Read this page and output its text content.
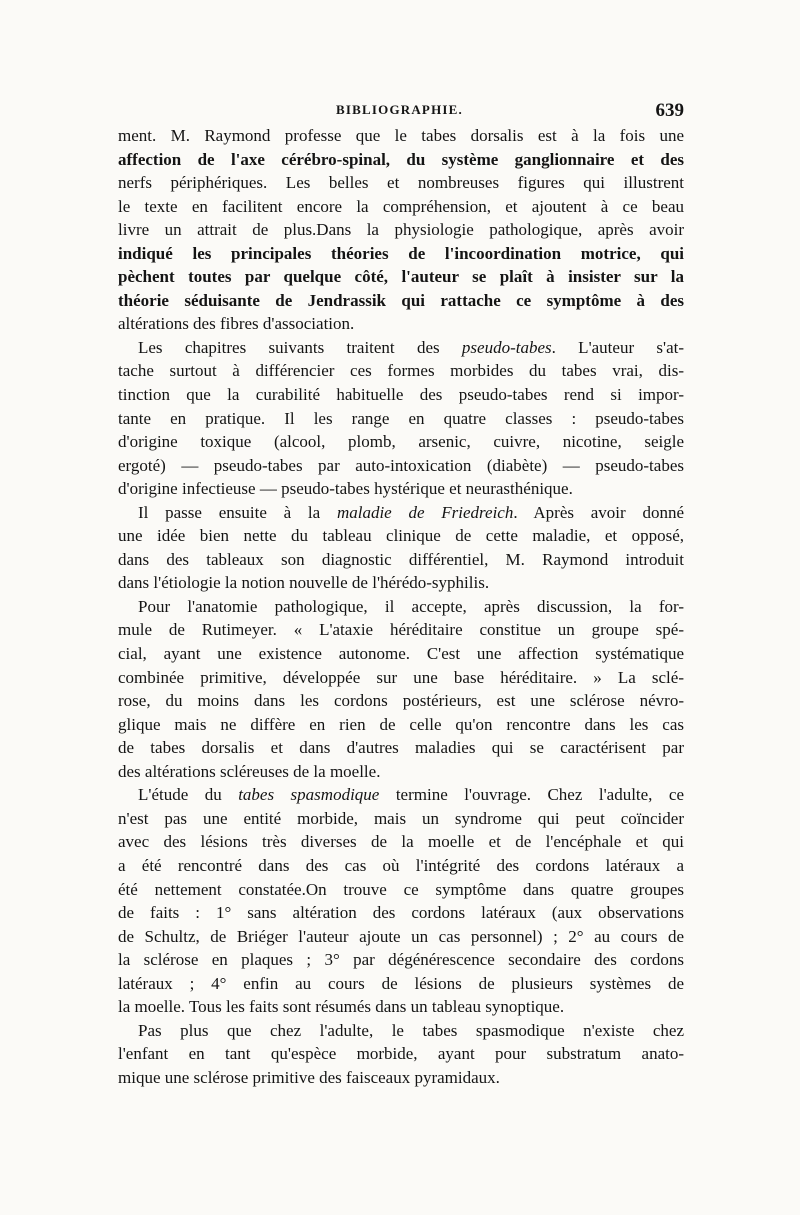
BIBLIOGRAPHIE.	639
ment. M. Raymond professe que le tabes dorsalis est à la fois une
affection de l'axe cérébro-spinal, du système ganglionnaire et des
nerfs périphériques. Les belles et nombreuses figures qui illustrent
le texte en facilitent encore la compréhension, et ajoutent à ce beau
livre un attrait de plus.Dans la physiologie pathologique, après avoir
indiqué les principales théories de l'incoordination motrice, qui
pèchent toutes par quelque côté, l'auteur se plaît à insister sur la
théorie séduisante de Jendrassik qui rattache ce symptôme à des
altérations des fibres d'association.
Les chapitres suivants traitent des pseudo-tabes. L'auteur s'at-
tache surtout à différencier ces formes morbides du tabes vrai, dis-
tinction que la curabilité habituelle des pseudo-tabes rend si impor-
tante en pratique. Il les range en quatre classes : pseudo-tabes
d'origine toxique (alcool, plomb, arsenic, cuivre, nicotine, seigle
ergoté) — pseudo-tabes par auto-intoxication (diabète) — pseudo-tabes
d'origine infectieuse — pseudo-tabes hystérique et neurasthénique.
Il passe ensuite à la maladie de Friedreich. Après avoir donné
une idée bien nette du tableau clinique de cette maladie, et opposé,
dans des tableaux son diagnostic différentiel, M. Raymond introduit
dans l'étiologie la notion nouvelle de l'hérédo-syphilis.
Pour l'anatomie pathologique, il accepte, après discussion, la for-
mule de Rutimeyer. « L'ataxie héréditaire constitue un groupe spé-
cial, ayant une existence autonome. C'est une affection systématique
combinée primitive, développée sur une base héréditaire. » La sclé-
rose, du moins dans les cordons postérieurs, est une sclérose névro-
glique mais ne diffère en rien de celle qu'on rencontre dans les cas
de tabes dorsalis et dans d'autres maladies qui se caractérisent par
des altérations scléreuses de la moelle.
L'étude du tabes spasmodique termine l'ouvrage. Chez l'adulte, ce
n'est pas une entité morbide, mais un syndrome qui peut coïncider
avec des lésions très diverses de la moelle et de l'encéphale et qui
a été rencontré dans des cas où l'intégrité des cordons latéraux a
été nettement constatée.On trouve ce symptôme dans quatre groupes
de faits : 1° sans altération des cordons latéraux (aux observations
de Schultz, de Briéger l'auteur ajoute un cas personnel) ; 2° au cours de
la sclérose en plaques ; 3° par dégénérescence secondaire des cordons
latéraux ; 4° enfin au cours de lésions de plusieurs systèmes de
la moelle. Tous les faits sont résumés dans un tableau synoptique.
Pas plus que chez l'adulte, le tabes spasmodique n'existe chez
l'enfant en tant qu'espèce morbide, ayant pour substratum anato-
mique une sclérose primitive des faisceaux pyramidaux.
